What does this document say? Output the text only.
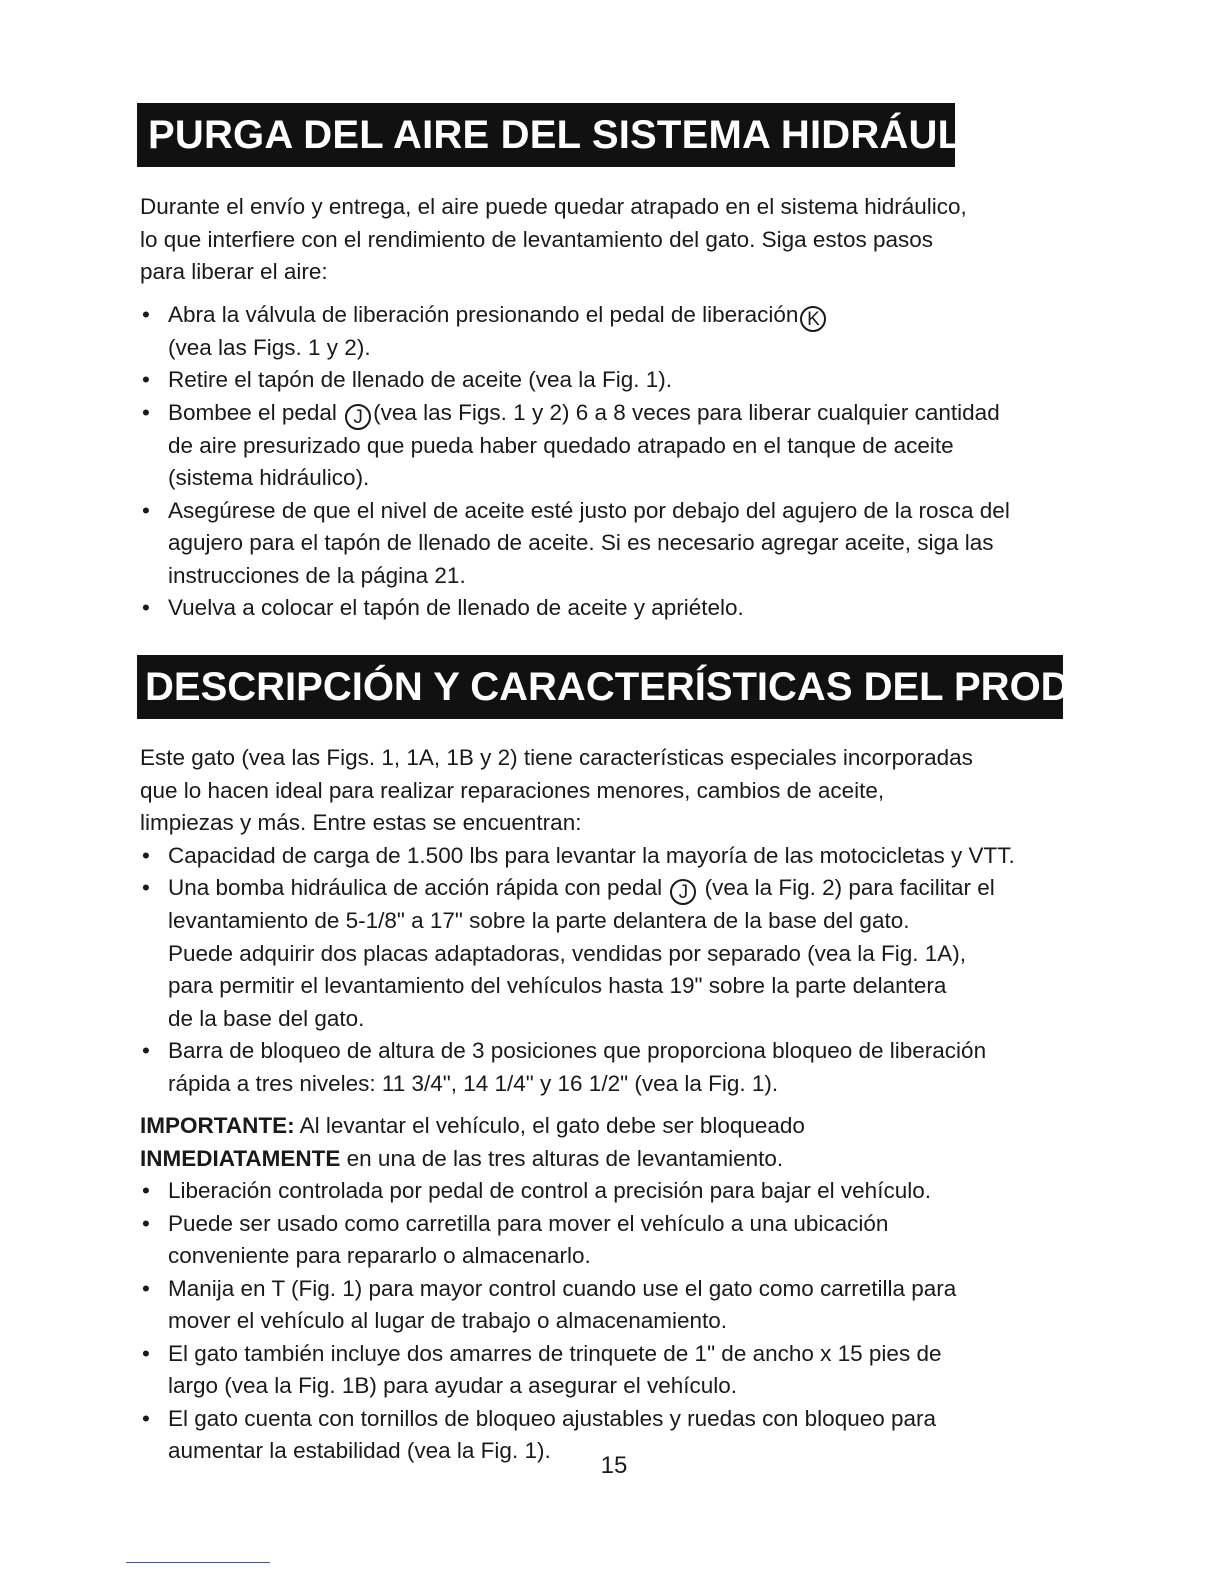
PURGA DEL AIRE DEL SISTEMA HIDRÁULICO

Durante el envío y entrega, el aire puede quedar atrapado en el sistema hidráulico,

lo que interfiere con el rendimiento de levantamiento del gato. Siga estos pasos

para liberar el aire:

• Abra la válvula de liberación presionando el pedal de liberación K

(vea las Figs. 1 y 2).

• Retire el tapón de llenado de aceite (vea la Fig. 1).

• Bombee el pedal J (vea las Figs. 1 y 2) 6 a 8 veces para liberar cualquier cantidad

de aire presurizado que pueda haber quedado atrapado en el tanque de aceite

(sistema hidráulico).

• Asegúrese de que el nivel de aceite esté justo por debajo del agujero de la rosca del

agujero para el tapón de llenado de aceite. Si es necesario agregar aceite, siga las

instrucciones de la página 21.

• Vuelva a colocar el tapón de llenado de aceite y apriételo.

DESCRIPCIÓN Y CARACTERÍSTICAS DEL PRODUCTO

Este gato (vea las Figs. 1, 1A, 1B y 2) tiene características especiales incorporadas

que lo hacen ideal para realizar reparaciones menores, cambios de aceite,

limpiezas y más. Entre estas se encuentran:

• Capacidad de carga de 1.500 lbs para levantar la mayoría de las motocicletas y VTT.

• Una bomba hidráulica de acción rápida con pedal J (vea la Fig. 2) para facilitar el

levantamiento de 5-1/8" a 17" sobre la parte delantera de la base del gato.

Puede adquirir dos placas adaptadoras, vendidas por separado (vea la Fig. 1A),

para permitir el levantamiento del vehículos hasta 19" sobre la parte delantera

de la base del gato.

• Barra de bloqueo de altura de 3 posiciones que proporciona bloqueo de liberación

rápida a tres niveles: 11 3/4", 14 1/4" y 16 1/2" (vea la Fig. 1).

IMPORTANTE: Al levantar el vehículo, el gato debe ser bloqueado

INMEDIATAMENTE en una de las tres alturas de levantamiento.

• Liberación controlada por pedal de control a precisión para bajar el vehículo.

• Puede ser usado como carretilla para mover el vehículo a una ubicación

conveniente para repararlo o almacenarlo.

• Manija en T (Fig. 1) para mayor control cuando use el gato como carretilla para

mover el vehículo al lugar de trabajo o almacenamiento.

• El gato también incluye dos amarres de trinquete de 1" de ancho x 15 pies de

largo (vea la Fig. 1B) para ayudar a asegurar el vehículo.

• El gato cuenta con tornillos de bloqueo ajustables y ruedas con bloqueo para

aumentar la estabilidad (vea la Fig. 1).

15
